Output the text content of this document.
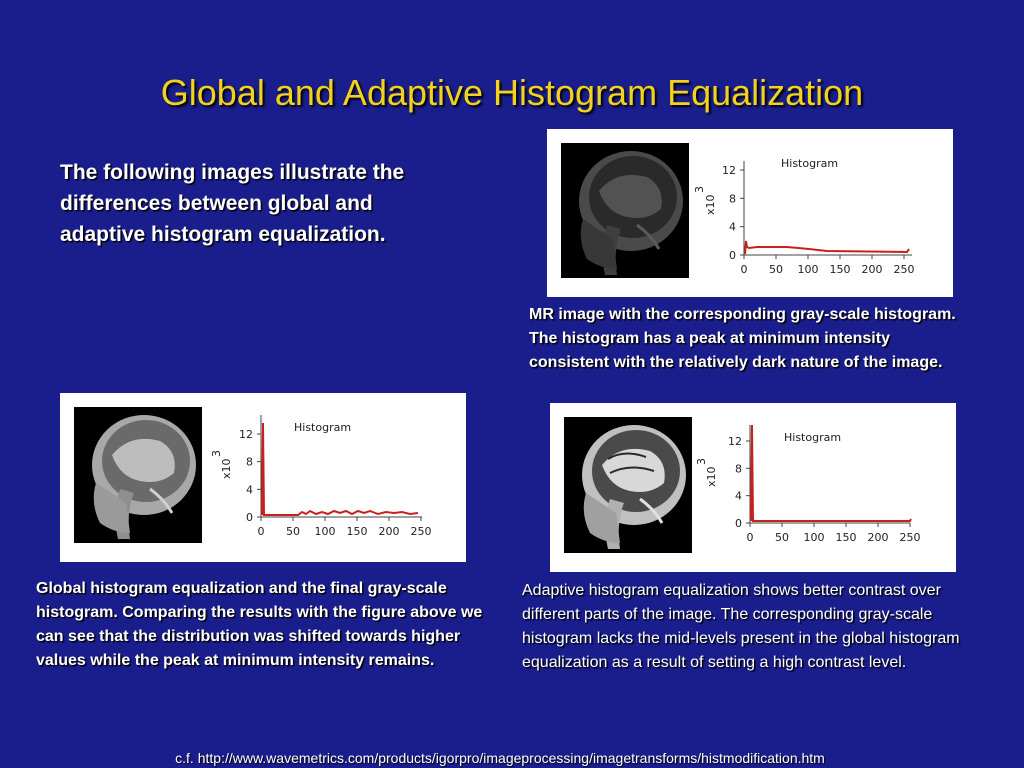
Global and Adaptive Histogram Equalization
The following images illustrate the differences between global and adaptive histogram equalization.
0
4
8
12
0 50 100 150 200 250
Histogram
x10
3
MR image with the corresponding gray-scale histogram. The histogram has a peak at minimum intensity consistent with the relatively dark nature of the image.
0
4
8
12
0 50 100 150 200 250
Histogram
x10
3
Global histogram equalization and the final gray-scale histogram. Comparing the results with the figure above we can see that the distribution was shifted towards higher values while the peak at minimum intensity remains.
0
4
8
12
0 50 100 150 200 250
Histogram
x10
3
Adaptive histogram equalization shows better contrast over different parts of the image. The corresponding gray-scale histogram lacks the mid-levels present in the global histogram equalization as a result of setting a high contrast level.
c.f. http://www.wavemetrics.com/products/igorpro/imageprocessing/imagetransforms/histmodification.htm
